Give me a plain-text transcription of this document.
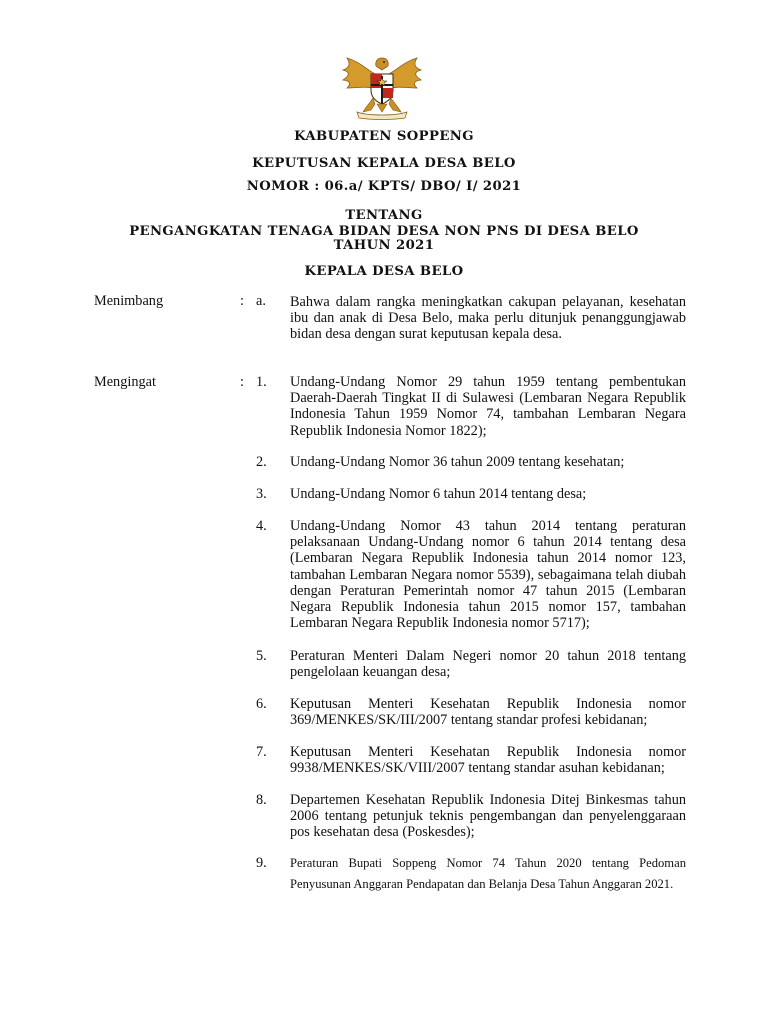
KABUPATEN SOPPENG
KEPUTUSAN KEPALA DESA BELO
NOMOR : 06.a/ KPTS/ DBO/ I/ 2021
TENTANG
PENGANGKATAN TENAGA BIDAN DESA NON PNS DI DESA BELO
TAHUN 2021
KEPALA DESA BELO
Menimbang	: a. Bahwa dalam rangka meningkatkan cakupan pelayanan, kesehatan ibu dan anak di Desa Belo, maka perlu ditunjuk penanggungjawab bidan desa dengan surat keputusan kepala desa.
Mengingat	: 1. Undang-Undang Nomor 29 tahun 1959 tentang pembentukan Daerah-Daerah Tingkat II di Sulawesi (Lembaran Negara Republik Indonesia Tahun 1959 Nomor 74, tambahan Lembaran Negara Republik Indonesia Nomor 1822);
2. Undang-Undang Nomor 36 tahun 2009 tentang kesehatan;
3. Undang-Undang Nomor 6 tahun 2014 tentang desa;
4. Undang-Undang Nomor 43 tahun 2014 tentang peraturan pelaksanaan Undang-Undang nomor 6 tahun 2014 tentang desa (Lembaran Negara Republik Indonesia tahun 2014 nomor 123, tambahan Lembaran Negara nomor 5539), sebagaimana telah diubah dengan Peraturan Pemerintah nomor 47 tahun 2015 (Lembaran Negara Republik Indonesia tahun 2015 nomor 157, tambahan Lembaran Negara Republik Indonesia nomor 5717);
5. Peraturan Menteri Dalam Negeri nomor 20 tahun 2018 tentang pengelolaan keuangan desa;
6. Keputusan Menteri Kesehatan Republik Indonesia nomor 369/MENKES/SK/III/2007 tentang standar profesi kebidanan;
7. Keputusan Menteri Kesehatan Republik Indonesia nomor 9938/MENKES/SK/VIII/2007 tentang standar asuhan kebidanan;
8. Departemen Kesehatan Republik Indonesia Ditej Binkesmas tahun 2006 tentang petunjuk teknis pengembangan dan penyelenggaraan pos kesehatan desa (Poskesdes);
9. Peraturan Bupati Soppeng Nomor 74 Tahun 2020 tentang Pedoman Penyusunan Anggaran Pendapatan dan Belanja Desa Tahun Anggaran 2021.
